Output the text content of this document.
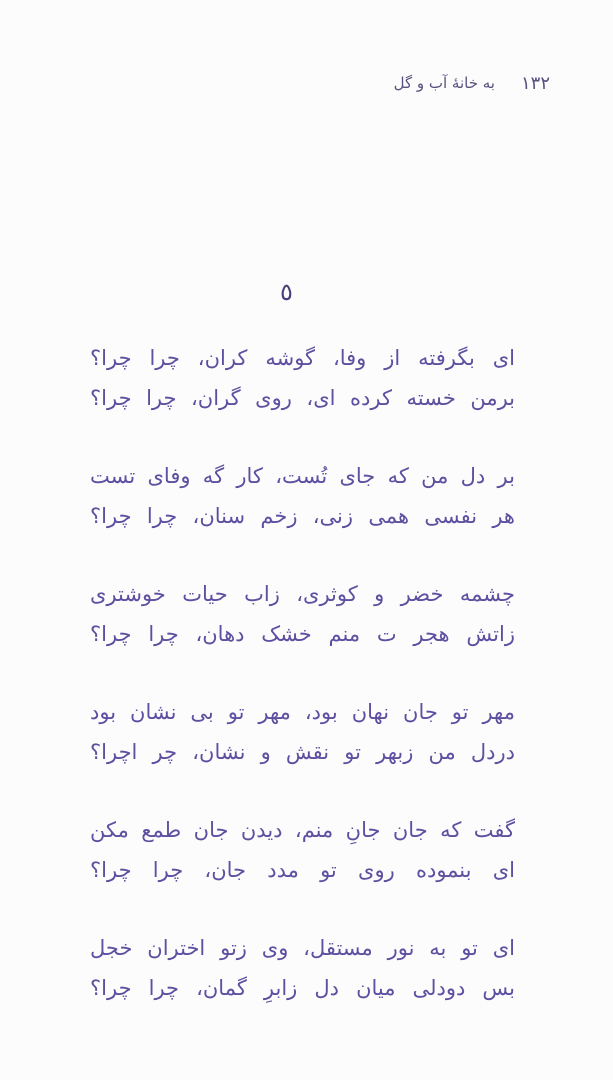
۱۳۲
به خانهٔ آب و گل
٥
ای بگرفته از وفا، گوشه کران، چرا چرا؟
برمن خسته کرده ای، روی گران، چرا چرا؟
بر دل من که جای تُست، کار گه وفای تست
هر نفسی همی زنی، زخم سنان، چرا چرا؟
چشمه خضر و کوثری، زاب حیات خوشتری
زاتش هجر ت منم خشک دهان، چرا چرا؟
مهر تو جان نهان بود، مهر تو بی نشان بود
دردل من زبهر تو نقش و نشان، چر اچرا؟
گفت که جان جانِ منم، دیدن جان طمع مکن
ای بنموده روی تو مدد جان، چرا چرا؟
ای تو به نور مستقل، وی زتو اختران خجل
بس دودلی میان دل زابرِ گمان، چرا چرا؟
